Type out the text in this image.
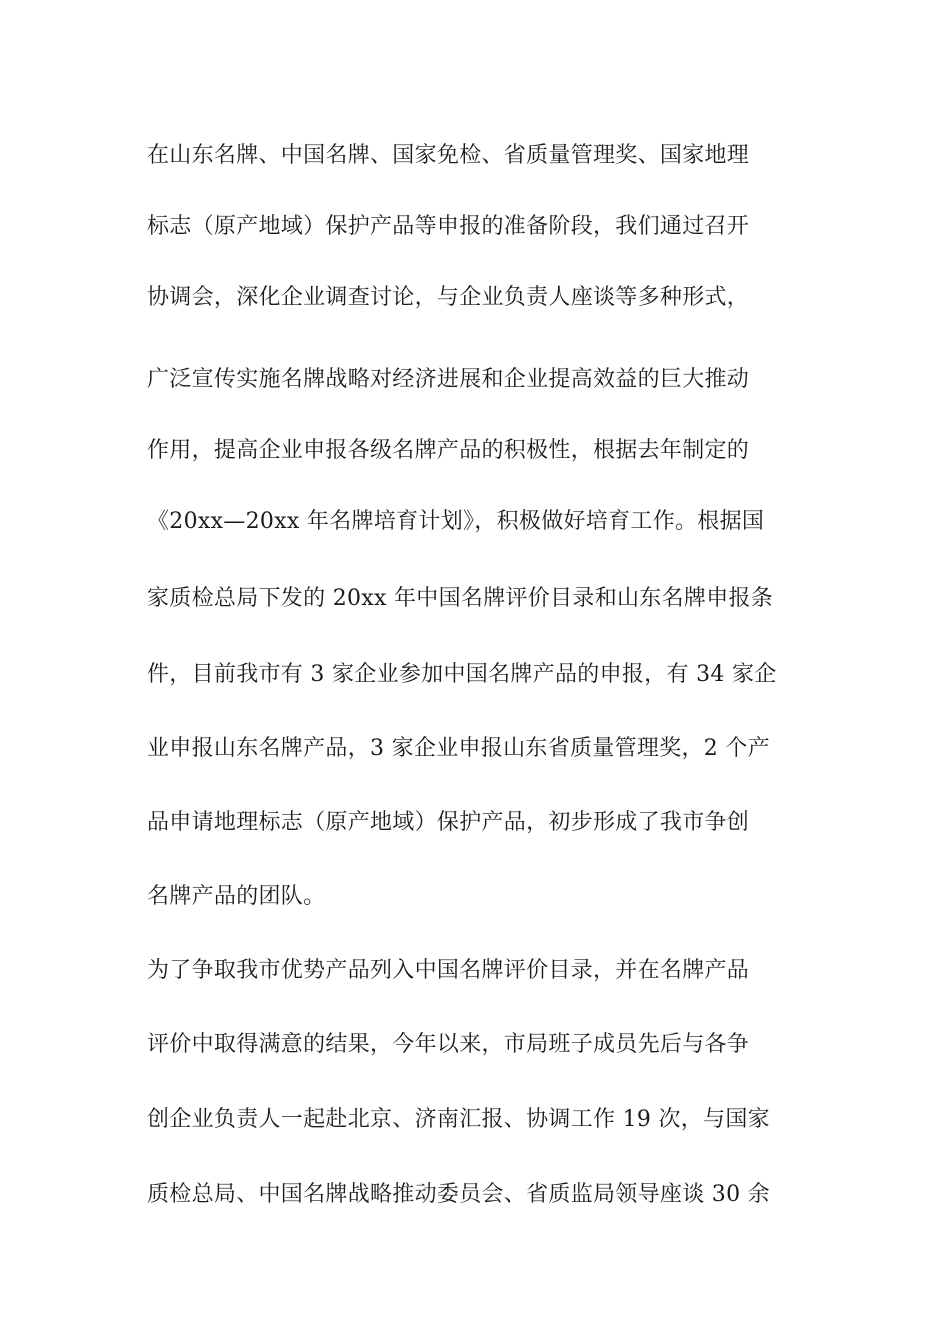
在山东名牌、中国名牌、国家免检、省质量管理奖、国家地理
标志（原产地域）保护产品等申报的准备阶段，我们通过召开
协调会，深化企业调查讨论，与企业负责人座谈等多种形式，
广泛宣传实施名牌战略对经济进展和企业提高效益的巨大推动
作用，提高企业申报各级名牌产品的积极性，根据去年制定的
《20xx—20xx 年名牌培育计划》，积极做好培育工作。根据国
家质检总局下发的 20xx 年中国名牌评价目录和山东名牌申报条
件，目前我市有 3 家企业参加中国名牌产品的申报，有 34 家企
业申报山东名牌产品，3 家企业申报山东省质量管理奖，2 个产
品申请地理标志（原产地域）保护产品，初步形成了我市争创
名牌产品的团队。
为了争取我市优势产品列入中国名牌评价目录，并在名牌产品
评价中取得满意的结果，今年以来，市局班子成员先后与各争
创企业负责人一起赴北京、济南汇报、协调工作 19 次，与国家
质检总局、中国名牌战略推动委员会、省质监局领导座谈 30 余
